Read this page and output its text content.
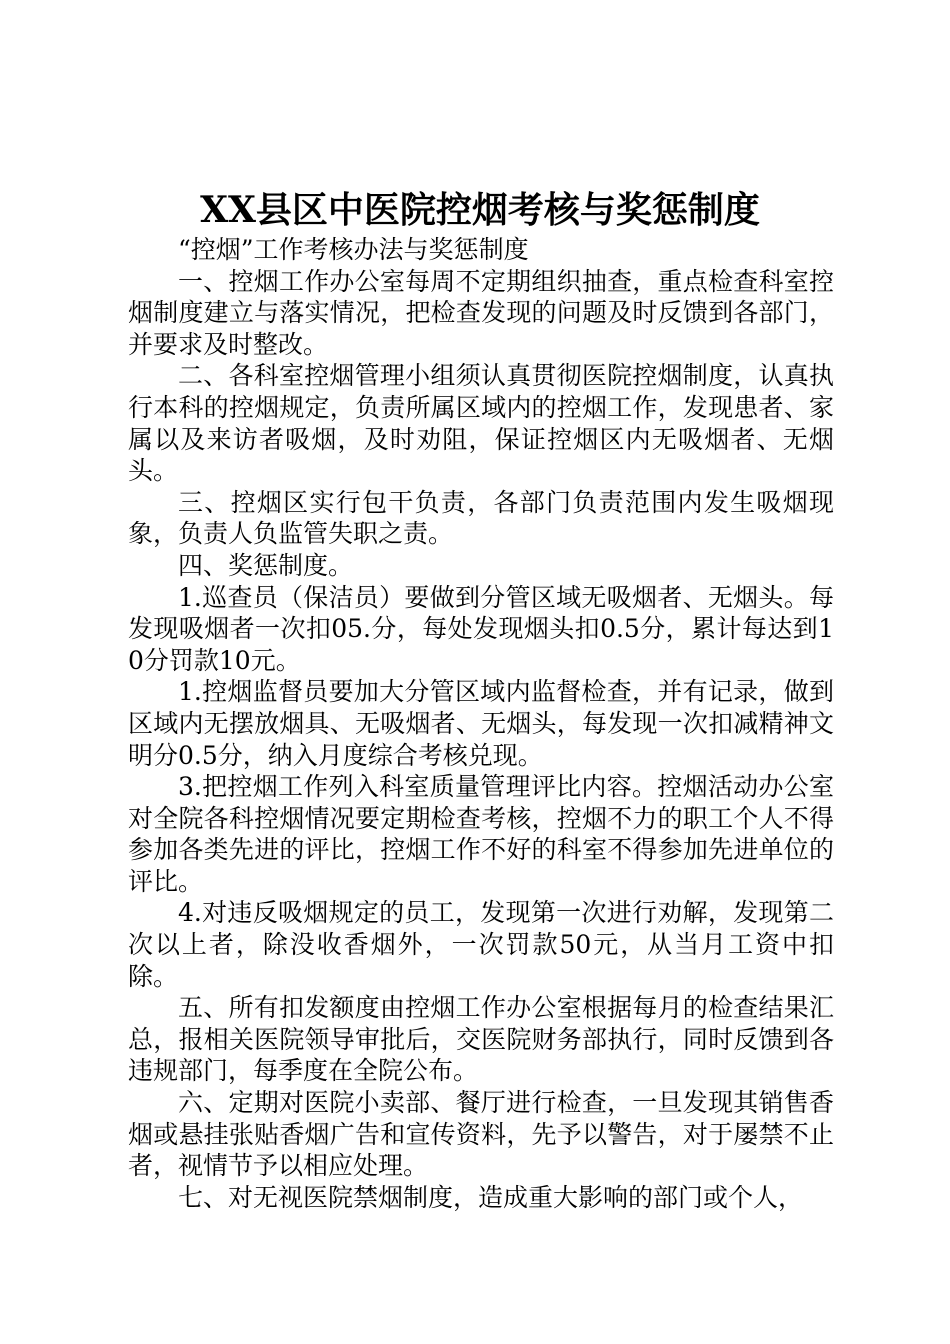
XX县区中医院控烟考核与奖惩制度

“控烟”工作考核办法与奖惩制度

一、控烟工作办公室每周不定期组织抽查，重点检查科室控烟制度建立与落实情况，把检查发现的问题及时反馈到各部门，并要求及时整改。

二、各科室控烟管理小组须认真贯彻医院控烟制度，认真执行本科的控烟规定，负责所属区域内的控烟工作，发现患者、家属以及来访者吸烟，及时劝阻，保证控烟区内无吸烟者、无烟头。

三、控烟区实行包干负责，各部门负责范围内发生吸烟现象，负责人负监管失职之责。

四、奖惩制度。

1.巡查员（保洁员）要做到分管区域无吸烟者、无烟头。每发现吸烟者一次扣05.分，每处发现烟头扣0.5分，累计每达到10分罚款10元。

1.控烟监督员要加大分管区域内监督检查，并有记录，做到区域内无摆放烟具、无吸烟者、无烟头，每发现一次扣减精神文明分0.5分，纳入月度综合考核兑现。

3.把控烟工作列入科室质量管理评比内容。控烟活动办公室对全院各科控烟情况要定期检查考核，控烟不力的职工个人不得参加各类先进的评比，控烟工作不好的科室不得参加先进单位的评比。

4.对违反吸烟规定的员工，发现第一次进行劝解，发现第二次以上者，除没收香烟外，一次罚款50元，从当月工资中扣除。

五、所有扣发额度由控烟工作办公室根据每月的检查结果汇总，报相关医院领导审批后，交医院财务部执行，同时反馈到各违规部门，每季度在全院公布。

六、定期对医院小卖部、餐厅进行检查，一旦发现其销售香烟或悬挂张贴香烟广告和宣传资料，先予以警告，对于屡禁不止者，视情节予以相应处理。

七、对无视医院禁烟制度，造成重大影响的部门或个人，
